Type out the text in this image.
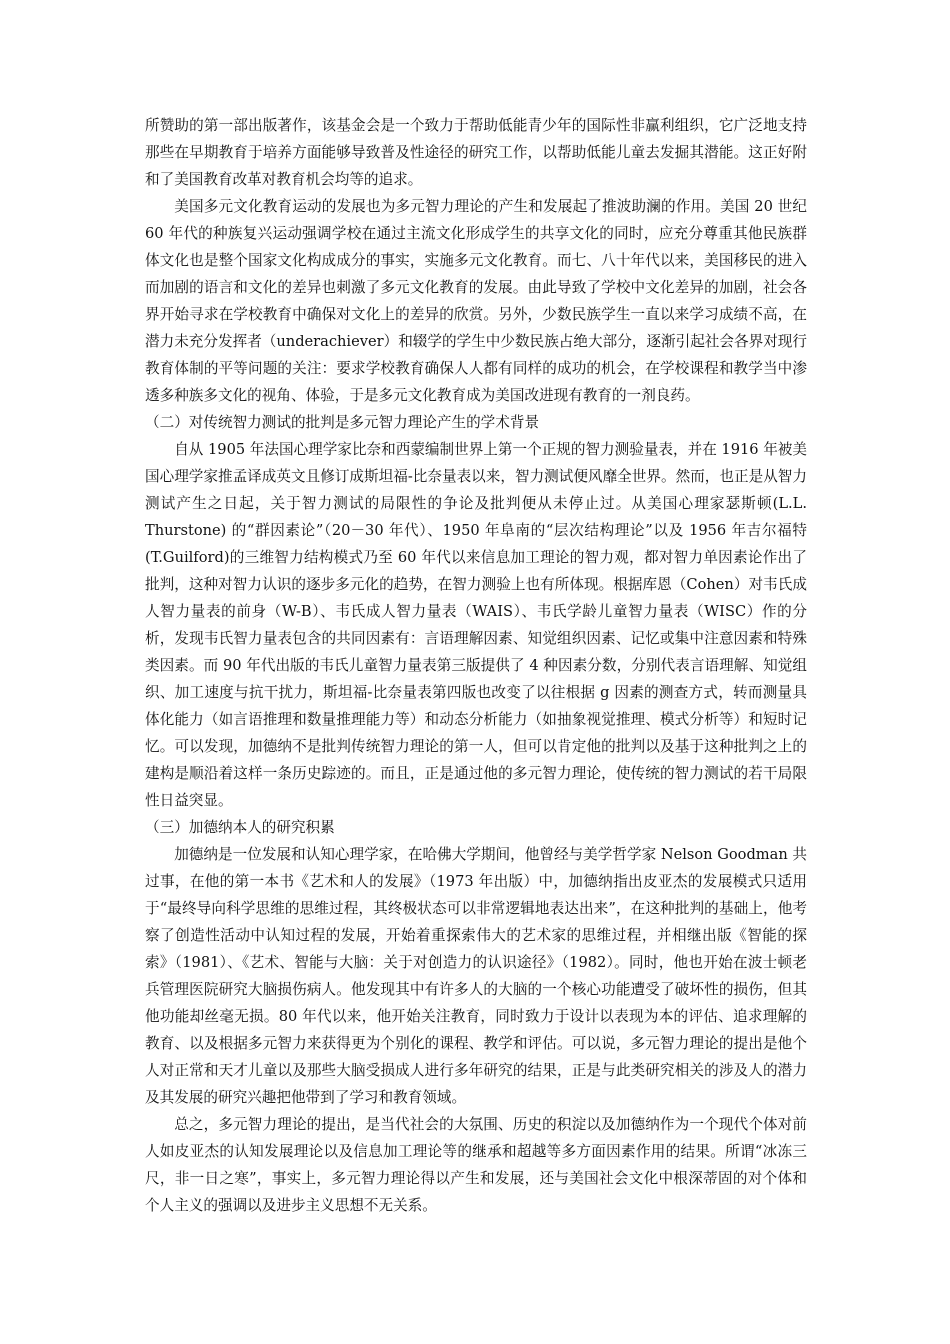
所赞助的第一部出版著作，该基金会是一个致力于帮助低能青少年的国际性非赢利组织，它广泛地支持那些在早期教育于培养方面能够导致普及性途径的研究工作，以帮助低能儿童去发掘其潜能。这正好附和了美国教育改革对教育机会均等的追求。

美国多元文化教育运动的发展也为多元智力理论的产生和发展起了推波助澜的作用。美国 20 世纪 60 年代的种族复兴运动强调学校在通过主流文化形成学生的共享文化的同时，应充分尊重其他民族群体文化也是整个国家文化构成成分的事实，实施多元文化教育。而七、八十年代以来，美国移民的进入而加剧的语言和文化的差异也刺激了多元文化教育的发展。由此导致了学校中文化差异的加剧，社会各界开始寻求在学校教育中确保对文化上的差异的欣赏。另外，少数民族学生一直以来学习成绩不高，在潜力未充分发挥者（underachiever）和辍学的学生中少数民族占绝大部分，逐渐引起社会各界对现行教育体制的平等问题的关注：要求学校教育确保人人都有同样的成功的机会，在学校课程和教学当中渗透多种族多文化的视角、体验，于是多元文化教育成为美国改进现有教育的一剂良药。

（二）对传统智力测试的批判是多元智力理论产生的学术背景

自从 1905 年法国心理学家比奈和西蒙编制世界上第一个正规的智力测验量表，并在 1916 年被美国心理学家推孟译成英文且修订成斯坦福-比奈量表以来，智力测试便风靡全世界。然而，也正是从智力测试产生之日起，关于智力测试的局限性的争论及批判便从未停止过。从美国心理家瑟斯顿(L.L. Thurstone) 的“群因素论”（20－30 年代）、1950 年阜南的“层次结构理论”以及 1956 年吉尔福特(T.Guilford)的三维智力结构模式乃至 60 年代以来信息加工理论的智力观，都对智力单因素论作出了批判，这种对智力认识的逐步多元化的趋势，在智力测验上也有所体现。根据库恩（Cohen）对韦氏成人智力量表的前身（W-B）、韦氏成人智力量表（WAIS）、韦氏学龄儿童智力量表（WISC）作的分析，发现韦氏智力量表包含的共同因素有：言语理解因素、知觉组织因素、记忆或集中注意因素和特殊类因素。而 90 年代出版的韦氏儿童智力量表第三版提供了 4 种因素分数，分别代表言语理解、知觉组织、加工速度与抗干扰力，斯坦福-比奈量表第四版也改变了以往根据 g 因素的测查方式，转而测量具体化能力（如言语推理和数量推理能力等）和动态分析能力（如抽象视觉推理、模式分析等）和短时记忆。可以发现，加德纳不是批判传统智力理论的第一人，但可以肯定他的批判以及基于这种批判之上的建构是顺沿着这样一条历史踪迹的。而且，正是通过他的多元智力理论，使传统的智力测试的若干局限性日益突显。

（三）加德纳本人的研究积累

加德纳是一位发展和认知心理学家，在哈佛大学期间，他曾经与美学哲学家 Nelson Goodman 共过事，在他的第一本书《艺术和人的发展》（1973 年出版）中，加德纳指出皮亚杰的发展模式只适用于“最终导向科学思维的思维过程，其终极状态可以非常逻辑地表达出来”，在这种批判的基础上，他考察了创造性活动中认知过程的发展，开始着重探索伟大的艺术家的思维过程，并相继出版《智能的探索》（1981）、《艺术、智能与大脑：关于对创造力的认识途径》（1982）。同时，他也开始在波士顿老兵管理医院研究大脑损伤病人。他发现其中有许多人的大脑的一个核心功能遭受了破坏性的损伤，但其他功能却丝毫无损。80 年代以来，他开始关注教育，同时致力于设计以表现为本的评估、追求理解的教育、以及根据多元智力来获得更为个别化的课程、教学和评估。可以说，多元智力理论的提出是他个人对正常和天才儿童以及那些大脑受损成人进行多年研究的结果，正是与此类研究相关的涉及人的潜力及其发展的研究兴趣把他带到了学习和教育领域。

总之，多元智力理论的提出，是当代社会的大氛围、历史的积淀以及加德纳作为一个现代个体对前人如皮亚杰的认知发展理论以及信息加工理论等的继承和超越等多方面因素作用的结果。所谓“冰冻三尺，非一日之寒”，事实上，多元智力理论得以产生和发展，还与美国社会文化中根深蒂固的对个体和个人主义的强调以及进步主义思想不无关系。
